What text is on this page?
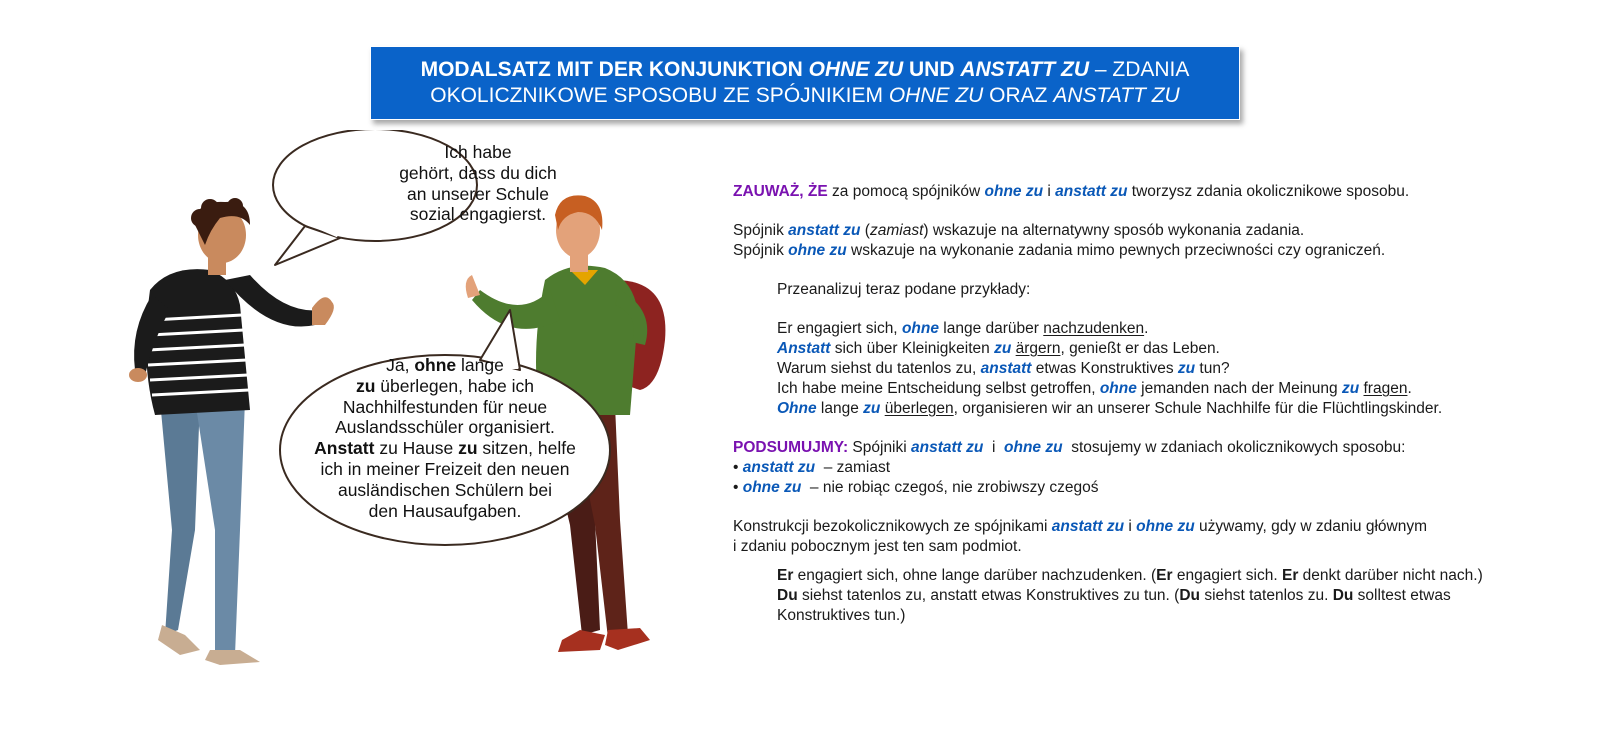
MODALSATZ MIT DER KONJUNKTION OHNE ZU UND ANSTATT ZU – ZDANIA
OKOLICZNIKOWE SPOSOBU ZE SPÓJNIKIEM OHNE ZU ORAZ ANSTATT ZU
Ich habe
gehört, dass du dich
an unserer Schule
sozial engagierst.
Ja, ohne lange
zu überlegen, habe ich
Nachhilfestunden für neue
Auslandsschüler organisiert.
Anstatt zu Hause zu sitzen, helfe
ich in meiner Freizeit den neuen
ausländischen Schülern bei
den Hausaufgaben.

ZAUWAŻ, ŻE za pomocą spójników ohne zu i anstatt zu tworzysz zdania okolicznikowe sposobu.

Spójnik anstatt zu (zamiast) wskazuje na alternatywny sposób wykonania zadania.

Spójnik ohne zu wskazuje na wykonanie zadania mimo pewnych przeciwności czy ograniczeń.

Przeanalizuj teraz podane przykłady:

Er engagiert sich, ohne lange darüber nachzudenken.

Anstatt sich über Kleinigkeiten zu ärgern, genießt er das Leben.

Warum siehst du tatenlos zu, anstatt etwas Konstruktives zu tun?

Ich habe meine Entscheidung selbst getroffen, ohne jemanden nach der Meinung zu fragen.

Ohne lange zu überlegen, organisieren wir an unserer Schule Nachhilfe für die Flüchtlingskinder.

PODSUMUJMY: Spójniki anstatt zu  i  ohne zu  stosujemy w zdaniach okolicznikowych sposobu:

• anstatt zu  – zamiast

• ohne zu  – nie robiąc czegoś, nie zrobiwszy czegoś

Konstrukcji bezokolicznikowych ze spójnikami anstatt zu i ohne zu używamy, gdy w zdaniu głównym

i zdaniu pobocznym jest ten sam podmiot.

Er engagiert sich, ohne lange darüber nachzudenken. (Er engagiert sich. Er denkt darüber nicht nach.)

Du siehst tatenlos zu, anstatt etwas Konstruktives zu tun. (Du siehst tatenlos zu. Du solltest etwas

Konstruktives tun.)
